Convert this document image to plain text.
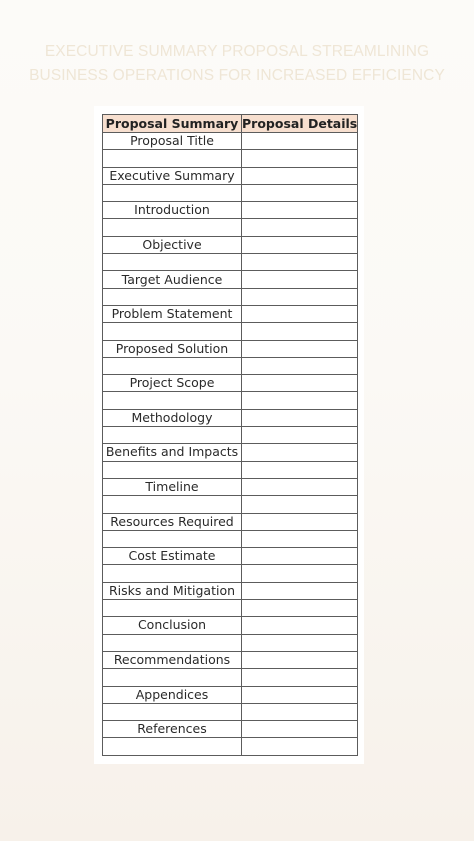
EXECUTIVE SUMMARY PROPOSAL STREAMLINING
BUSINESS OPERATIONS FOR INCREASED EFFICIENCY
Proposal Summary	Proposal Details
Proposal Title	

Executive Summary	

Introduction	

Objective	

Target Audience	

Problem Statement	

Proposed Solution	

Project Scope	

Methodology	

Benefits and Impacts	

Timeline	

Resources Required	

Cost Estimate	

Risks and Mitigation	

Conclusion	

Recommendations	

Appendices	

References	
